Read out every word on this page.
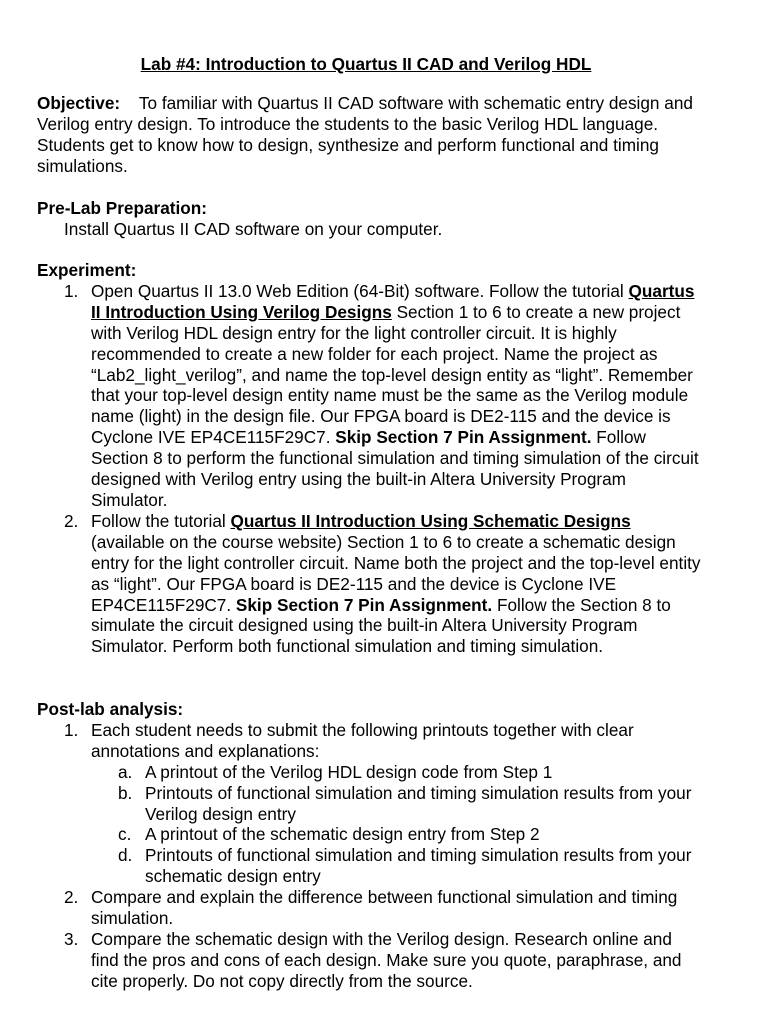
Lab #4: Introduction to Quartus II CAD and Verilog HDL
Objective: To familiar with Quartus II CAD software with schematic entry design and Verilog entry design. To introduce the students to the basic Verilog HDL language. Students get to know how to design, synthesize and perform functional and timing simulations.
Pre-Lab Preparation:
Install Quartus II CAD software on your computer.
Experiment:
1. Open Quartus II 13.0 Web Edition (64-Bit) software. Follow the tutorial Quartus II Introduction Using Verilog Designs Section 1 to 6 to create a new project with Verilog HDL design entry for the light controller circuit. It is highly recommended to create a new folder for each project. Name the project as “Lab2_light_verilog”, and name the top-level design entity as “light”. Remember that your top-level design entity name must be the same as the Verilog module name (light) in the design file. Our FPGA board is DE2-115 and the device is Cyclone IVE EP4CE115F29C7. Skip Section 7 Pin Assignment. Follow Section 8 to perform the functional simulation and timing simulation of the circuit designed with Verilog entry using the built-in Altera University Program Simulator.
2. Follow the tutorial Quartus II Introduction Using Schematic Designs (available on the course website) Section 1 to 6 to create a schematic design entry for the light controller circuit. Name both the project and the top-level entity as “light”. Our FPGA board is DE2-115 and the device is Cyclone IVE EP4CE115F29C7. Skip Section 7 Pin Assignment. Follow the Section 8 to simulate the circuit designed using the built-in Altera University Program Simulator. Perform both functional simulation and timing simulation.
Post-lab analysis:
1. Each student needs to submit the following printouts together with clear annotations and explanations:
a. A printout of the Verilog HDL design code from Step 1
b. Printouts of functional simulation and timing simulation results from your Verilog design entry
c. A printout of the schematic design entry from Step 2
d. Printouts of functional simulation and timing simulation results from your schematic design entry
2. Compare and explain the difference between functional simulation and timing simulation.
3. Compare the schematic design with the Verilog design. Research online and find the pros and cons of each design. Make sure you quote, paraphrase, and cite properly. Do not copy directly from the source.
